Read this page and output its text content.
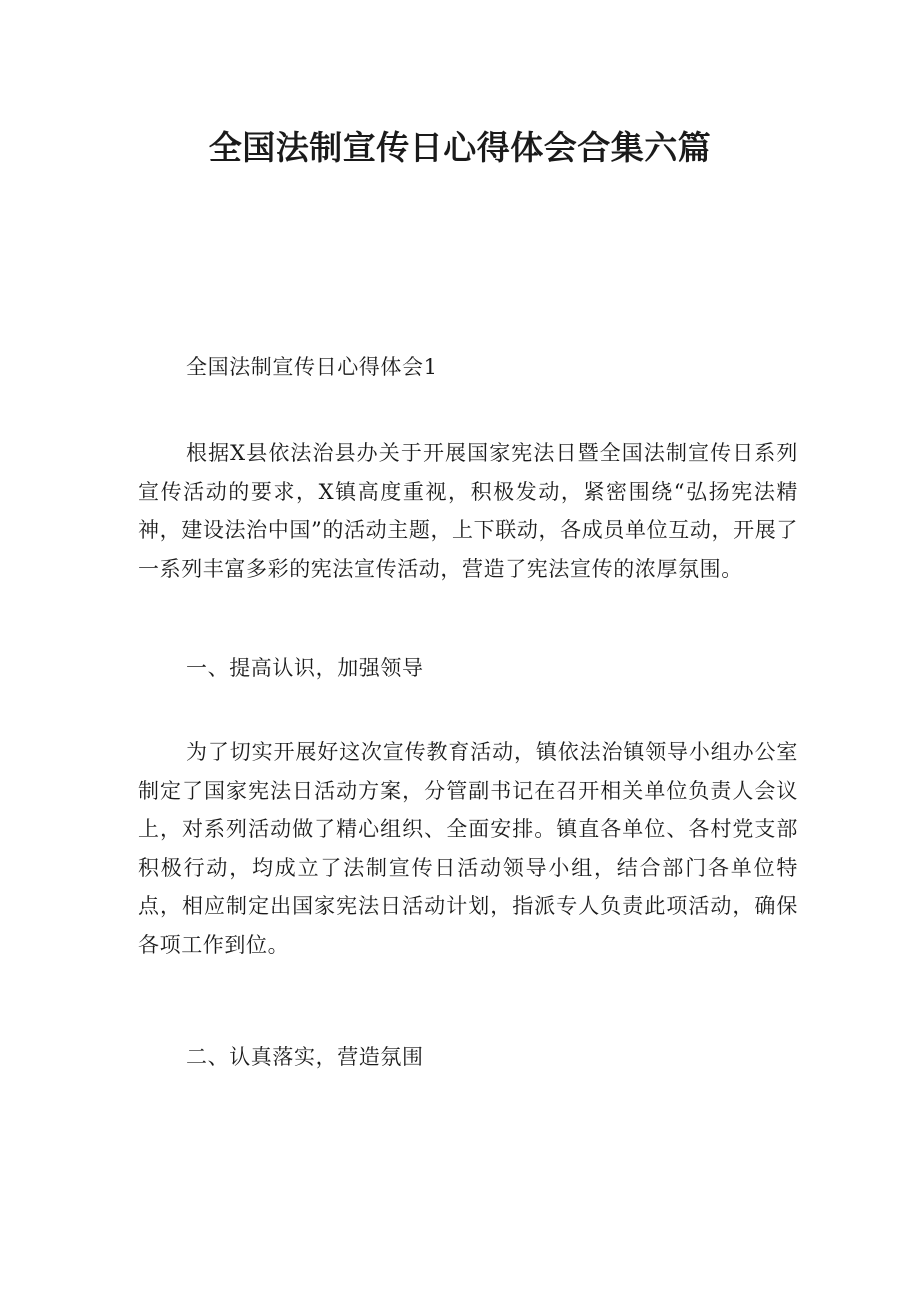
全国法制宣传日心得体会合集六篇

全国法制宣传日心得体会1

根据X县依法治县办关于开展国家宪法日暨全国法制宣传日系列宣传活动的要求，X镇高度重视，积极发动，紧密围绕“弘扬宪法精神，建设法治中国”的活动主题，上下联动，各成员单位互动，开展了一系列丰富多彩的宪法宣传活动，营造了宪法宣传的浓厚氛围。

一、提高认识，加强领导

为了切实开展好这次宣传教育活动，镇依法治镇领导小组办公室制定了国家宪法日活动方案，分管副书记在召开相关单位负责人会议上，对系列活动做了精心组织、全面安排。镇直各单位、各村党支部积极行动，均成立了法制宣传日活动领导小组，结合部门各单位特点，相应制定出国家宪法日活动计划，指派专人负责此项活动，确保各项工作到位。

二、认真落实，营造氛围
